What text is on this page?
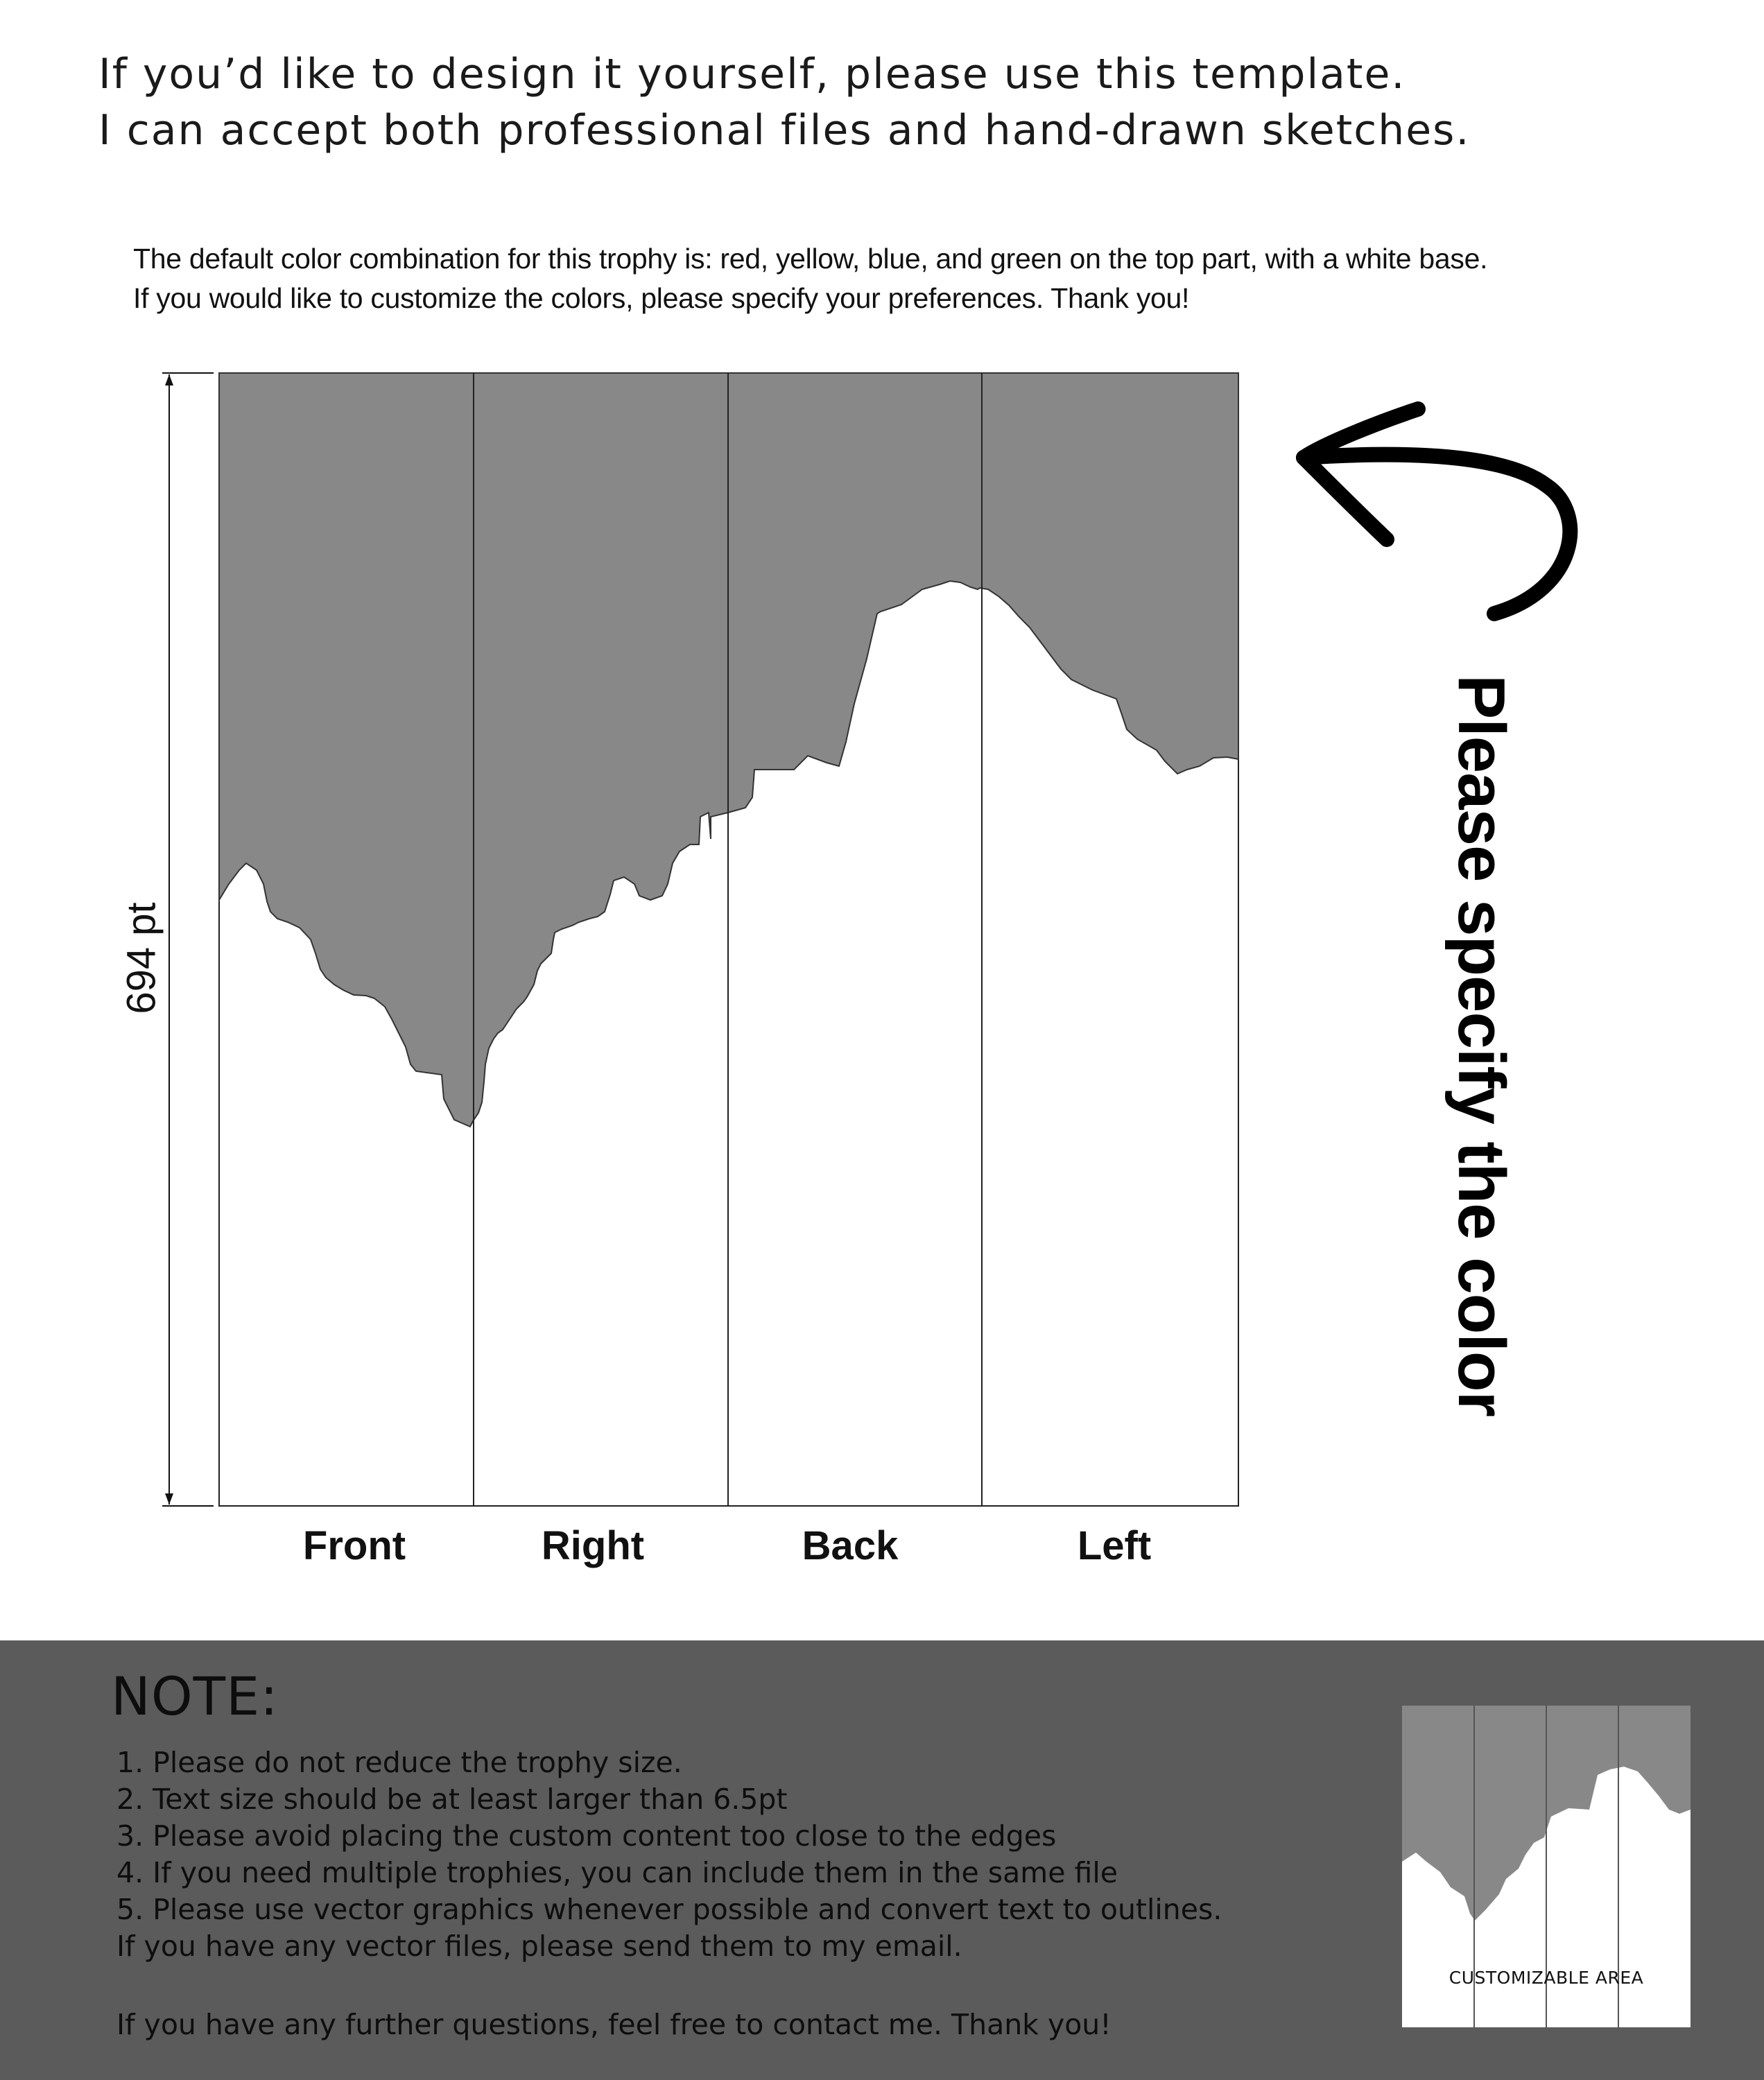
If you’d like to design it yourself, please use this template.
I can accept both professional files and hand-drawn sketches.
The default color combination for this trophy is: red, yellow, blue, and green on the top part, with a white base.
If you would like to customize the colors, please specify your preferences. Thank you!
Front	Right	Back	Left
694 pt	Please specify the color
NOTE:
1. Please do not reduce the trophy size.
2. Text size should be at least larger than 6.5pt
3. Please avoid placing the custom content too close to the edges
4. If you need multiple trophies, you can include them in the same file
5. Please use vector graphics whenever possible and convert text to outlines.
If you have any vector files, please send them to my email.
If you have any further questions, feel free to contact me. Thank you!
CUSTOMIZABLE AREA
